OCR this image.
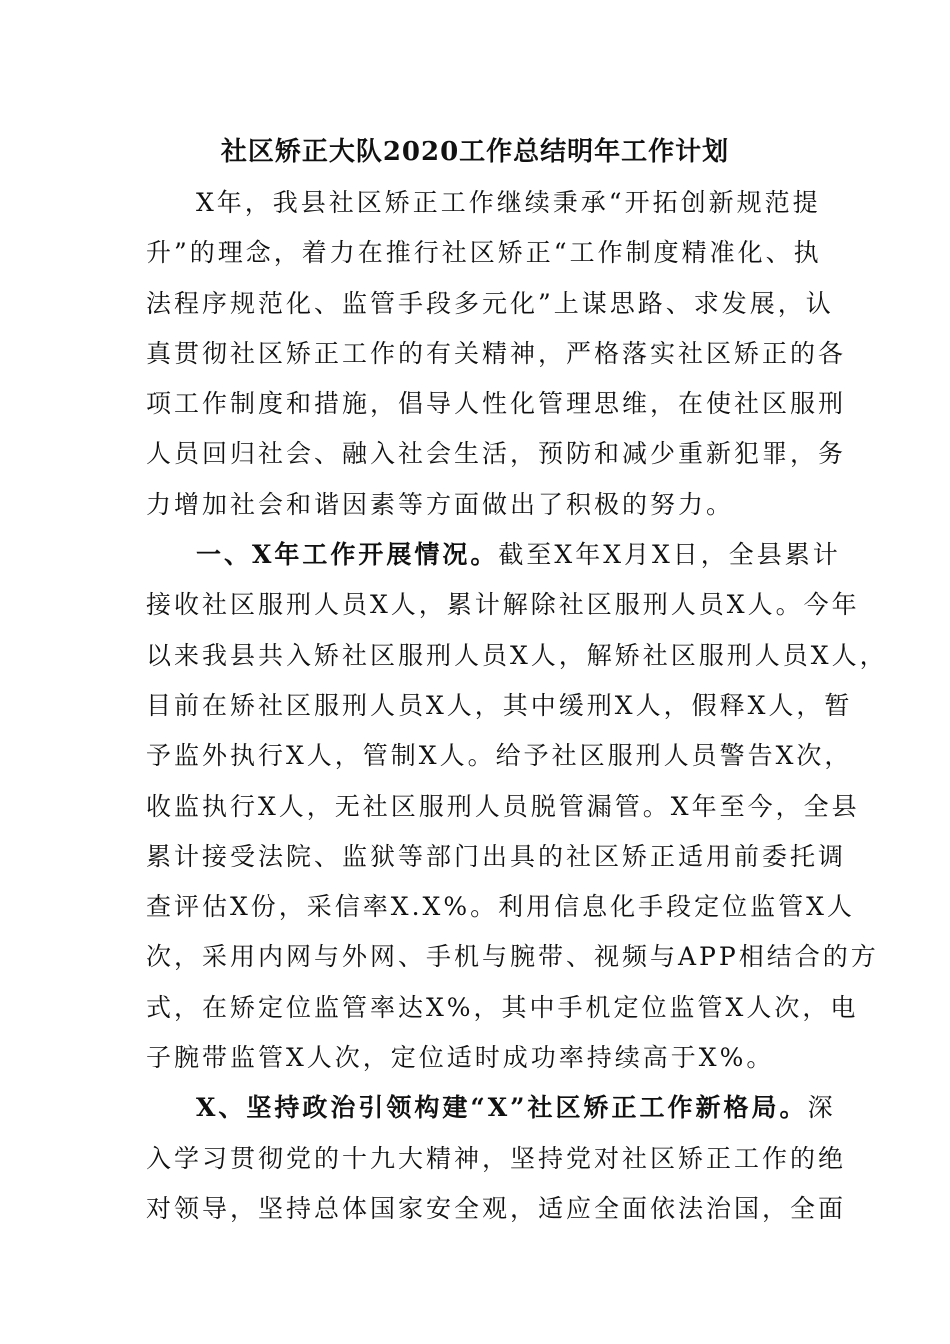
社区矫正大队2020工作总结明年工作计划
X年，我县社区矫正工作继续秉承“开拓创新规范提
升”的理念，着力在推行社区矫正“工作制度精准化、执
法程序规范化、监管手段多元化”上谋思路、求发展，认
真贯彻社区矫正工作的有关精神，严格落实社区矫正的各
项工作制度和措施，倡导人性化管理思维，在使社区服刑
人员回归社会、融入社会生活，预防和减少重新犯罪，务
力增加社会和谐因素等方面做出了积极的努力。
一、X年工作开展情况。截至X年X月X日，全县累计
接收社区服刑人员X人，累计解除社区服刑人员X人。今年
以来我县共入矫社区服刑人员X人，解矫社区服刑人员X人，
目前在矫社区服刑人员X人，其中缓刑X人，假释X人，暂
予监外执行X人，管制X人。给予社区服刑人员警告X次，
收监执行X人，无社区服刑人员脱管漏管。X年至今，全县
累计接受法院、监狱等部门出具的社区矫正适用前委托调
查评估X份，采信率X.X%。利用信息化手段定位监管X人
次，采用内网与外网、手机与腕带、视频与APP相结合的方
式，在矫定位监管率达X%，其中手机定位监管X人次，电
子腕带监管X人次，定位适时成功率持续高于X%。
X、坚持政治引领构建“X”社区矫正工作新格局。深
入学习贯彻党的十九大精神，坚持党对社区矫正工作的绝
对领导，坚持总体国家安全观，适应全面依法治国，全面
